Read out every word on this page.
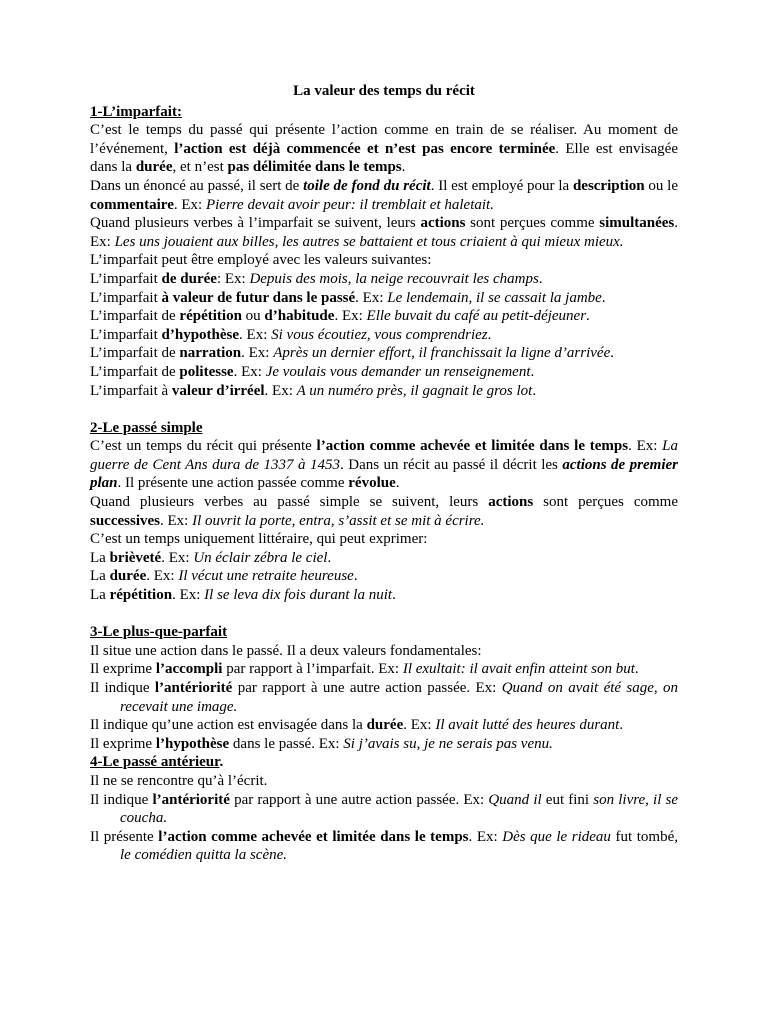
La valeur des temps du récit
1-L’imparfait:

C’est le temps du passé qui présente l’action comme en train de se réaliser. Au moment de l’événement, l’action est déjà commencée et n’est pas encore terminée. Elle est envisagée dans la durée, et n’est pas délimitée dans le temps.

Dans un énoncé au passé, il sert de toile de fond du récit. Il est employé pour la description ou le commentaire. Ex: Pierre devait avoir peur: il tremblait et haletait.

Quand plusieurs verbes à l’imparfait se suivent, leurs actions sont perçues comme simultanées. Ex: Les uns jouaient aux billes, les autres se battaient et tous criaient à qui mieux mieux.

L’imparfait peut être employé avec les valeurs suivantes:

L’imparfait de durée: Ex: Depuis des mois, la neige recouvrait les champs.

L’imparfait à valeur de futur dans le passé. Ex: Le lendemain, il se cassait la jambe.

L’imparfait de répétition ou d’habitude. Ex: Elle buvait du café au petit-déjeuner.

L’imparfait d’hypothèse. Ex: Si vous écoutiez, vous comprendriez.

L’imparfait de narration. Ex: Après un dernier effort, il franchissait la ligne d’arrivée.

L’imparfait de politesse. Ex: Je voulais vous demander un renseignement.

L’imparfait à valeur d’irréel. Ex: A un numéro près, il gagnait le gros lot.

2-Le passé simple

C’est un temps du récit qui présente l’action comme achevée et limitée dans le temps. Ex: La guerre de Cent Ans dura de 1337 à 1453. Dans un récit au passé il décrit les actions de premier plan. Il présente une action passée comme révolue.

Quand plusieurs verbes au passé simple se suivent, leurs actions sont perçues comme successives. Ex: Il ouvrit la porte, entra, s’assit et se mit à écrire.

C’est un temps uniquement littéraire, qui peut exprimer:

La brièveté. Ex: Un éclair zébra le ciel.

La durée. Ex: Il vécut une retraite heureuse.

La répétition. Ex: Il se leva dix fois durant la nuit.

3-Le plus-que-parfait

Il situe une action dans le passé. Il a deux valeurs fondamentales:

Il exprime l’accompli par rapport à l’imparfait. Ex: Il exultait: il avait enfin atteint son but.

Il indique l’antériorité par rapport à une autre action passée. Ex: Quand on avait été sage, on recevait une image.

Il indique qu’une action est envisagée dans la durée. Ex: Il avait lutté des heures durant.

Il exprime l’hypothèse dans le passé. Ex: Si j’avais su, je ne serais pas venu.

4-Le passé antérieur.

Il ne se rencontre qu’à l’écrit.

Il indique l’antériorité par rapport à une autre action passée. Ex: Quand il eut fini son livre, il se coucha.

Il présente l’action comme achevée et limitée dans le temps. Ex: Dès que le rideau fut tombé, le comédien quitta la scène.
